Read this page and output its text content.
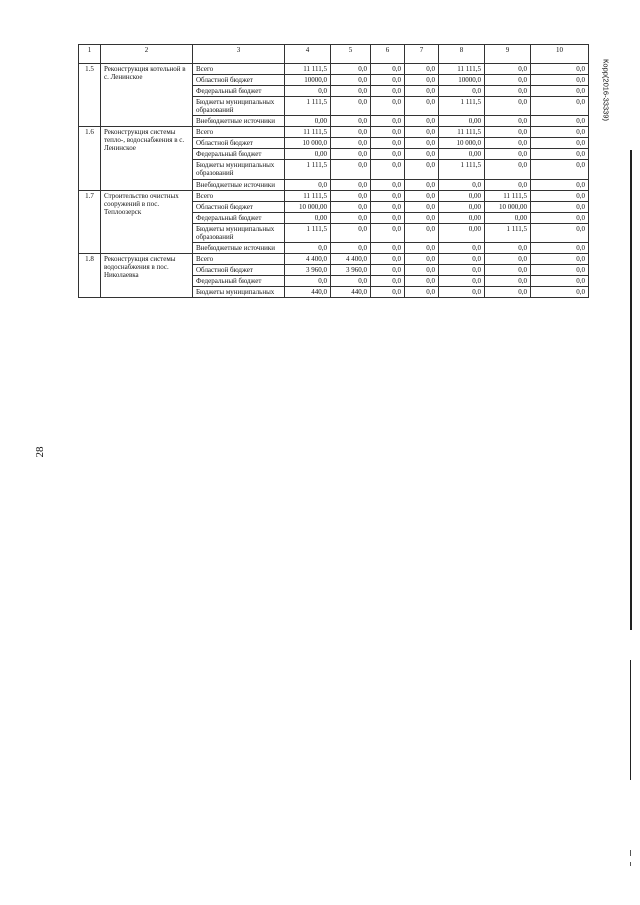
28
Корр(2016-33339)
1	2	3	4	5	6	7	8	9	10
1.5	Реконструкция котельной в с. Ленинское	Всего	11 111,5	0,0	0,0	0,0	11 111,5	0,0	0,0
		Областной бюджет	10000,0	0,0	0,0	0,0	10000,0	0,0	0,0
		Федеральный бюджет	0,0	0,0	0,0	0,0	0,0	0,0	0,0
		Бюджеты муниципальных образований	1 111,5	0,0	0,0	0,0	1 111,5	0,0	0,0
		Внебюджетные источники	0,00	0,0	0,0	0,0	0,00	0,0	0,0
1.6	Реконструкция системы тепло-, водоснабжения в с. Ленинское	Всего	11 111,5	0,0	0,0	0,0	11 111,5	0,0	0,0
		Областной бюджет	10 000,0	0,0	0,0	0,0	10 000,0	0,0	0,0
		Федеральный бюджет	0,00	0,0	0,0	0,0	0,00	0,0	0,0
		Бюджеты муниципальных образований	1 111,5	0,0	0,0	0,0	1 111,5	0,0	0,0
		Внебюджетные источники	0,0	0,0	0,0	0,0	0,0	0,0	0,0
1.7	Строительство очистных сооружений в пос. Теплоозерск	Всего	11 111,5	0,0	0,0	0,0	0,00	11 111,5	0,0
		Областной бюджет	10 000,00	0,0	0,0	0,0	0,00	10 000,00	0,0
		Федеральный бюджет	0,00	0,0	0,0	0,0	0,00	0,00	0,0
		Бюджеты муниципальных образований	1 111,5	0,0	0,0	0,0	0,00	1 111,5	0,0
		Внебюджетные источники	0,0	0,0	0,0	0,0	0,0	0,0	0,0
1.8	Реконструкция системы водоснабжения в пос. Николаевка	Всего	4 400,0	4 400,0	0,0	0,0	0,0	0,0	0,0
		Областной бюджет	3 960,0	3 960,0	0,0	0,0	0,0	0,0	0,0
		Федеральный бюджет	0,0	0,0	0,0	0,0	0,0	0,0	0,0
		Бюджеты муниципальных	440,0	440,0	0,0	0,0	0,0	0,0	0,0
